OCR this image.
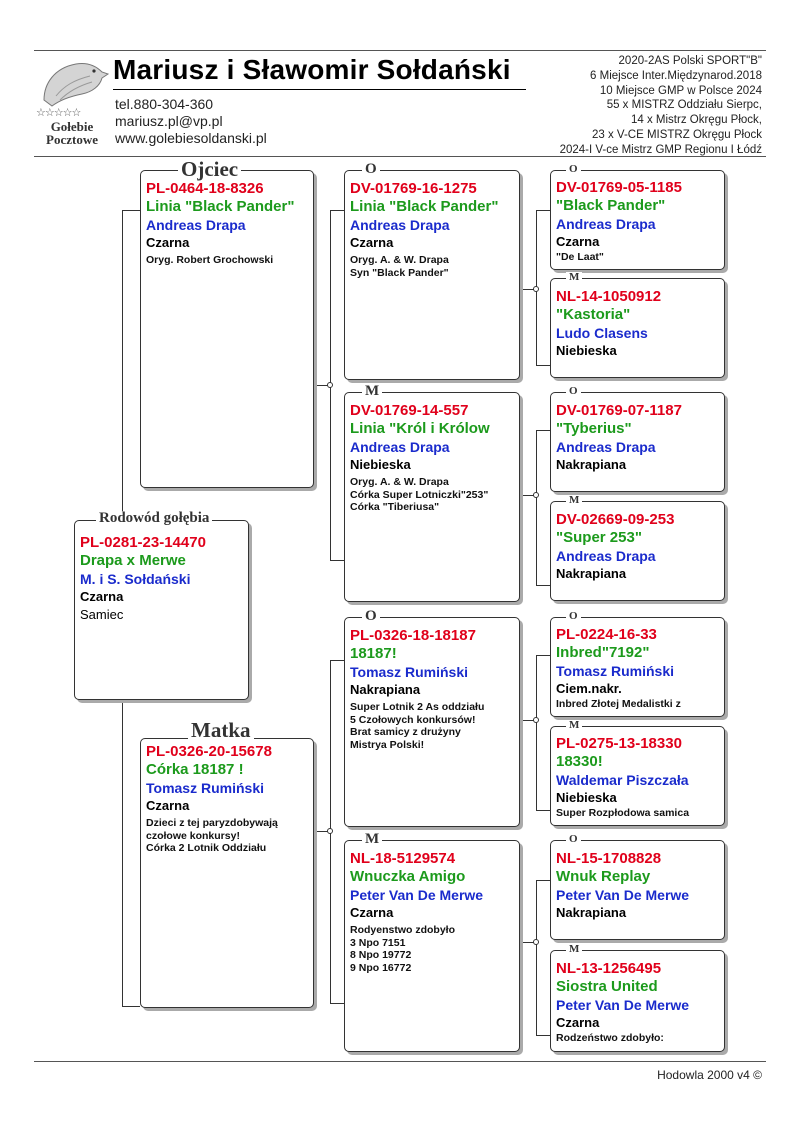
☆☆☆☆☆
Gołebie
Pocztowe
Mariusz i Sławomir Sołdański
tel.880-304-360
mariusz.pl@vp.pl
www.golebiesoldanski.pl
2020-2AS Polski SPORT"B"
6 Miejsce Inter.Międzynarod.2018
10 Miejsce GMP w Polsce 2024
55 x MISTRZ Oddziału Sierpc,
14 x Mistrz Okręgu Płock,
23 x V-CE MISTRZ Okręgu Płock
2024-I V-ce Mistrz GMP Regionu I Łódź
PL-0281-23-14470
Drapa x Merwe
M. i S. Sołdański
Czarna
Samiec
Rodowód gołębia
PL-0464-18-8326
Linia "Black Pander"
Andreas Drapa
Czarna
Oryg. Robert Grochowski
Ojciec
PL-0326-20-15678
Córka 18187 !
Tomasz Rumiński
Czarna
Dzieci z tej paryzdobywają
czołowe konkursy!
Córka 2 Lotnik Oddziału
Matka
DV-01769-16-1275
Linia "Black Pander"
Andreas Drapa
Czarna
Oryg. A. & W. Drapa
Syn "Black Pander"
O
DV-01769-14-557
Linia "Król i Królow
Andreas Drapa
Niebieska
Oryg. A. & W. Drapa
Córka Super Lotniczki"253"
Córka "Tiberiusa"
M
PL-0326-18-18187
18187!
Tomasz Rumiński
Nakrapiana
Super Lotnik 2 As oddziału
5 Czołowych konkursów!
Brat samicy z drużyny
Mistrya Polski!
O
NL-18-5129574
Wnuczka Amigo
Peter Van De Merwe
Czarna
Rodyenstwo zdobyło
3 Npo 7151
8 Npo 19772
9 Npo 16772
M
DV-01769-05-1185
"Black Pander"
Andreas Drapa
Czarna
"De Laat"
O
NL-14-1050912
"Kastoria"
Ludo Clasens
Niebieska
M
DV-01769-07-1187
"Tyberius"
Andreas Drapa
Nakrapiana
O
DV-02669-09-253
"Super 253"
Andreas Drapa
Nakrapiana
M
PL-0224-16-33
Inbred"7192"
Tomasz Rumiński
Ciem.nakr.
Inbred Złotej Medalistki z
O
PL-0275-13-18330
18330!
Waldemar Piszczała
Niebieska
Super Rozpłodowa samica
M
NL-15-1708828
Wnuk Replay
Peter Van De Merwe
Nakrapiana
O
NL-13-1256495
Siostra United
Peter Van De Merwe
Czarna
Rodzeństwo zdobyło:
M
Hodowla 2000 v4 ©
